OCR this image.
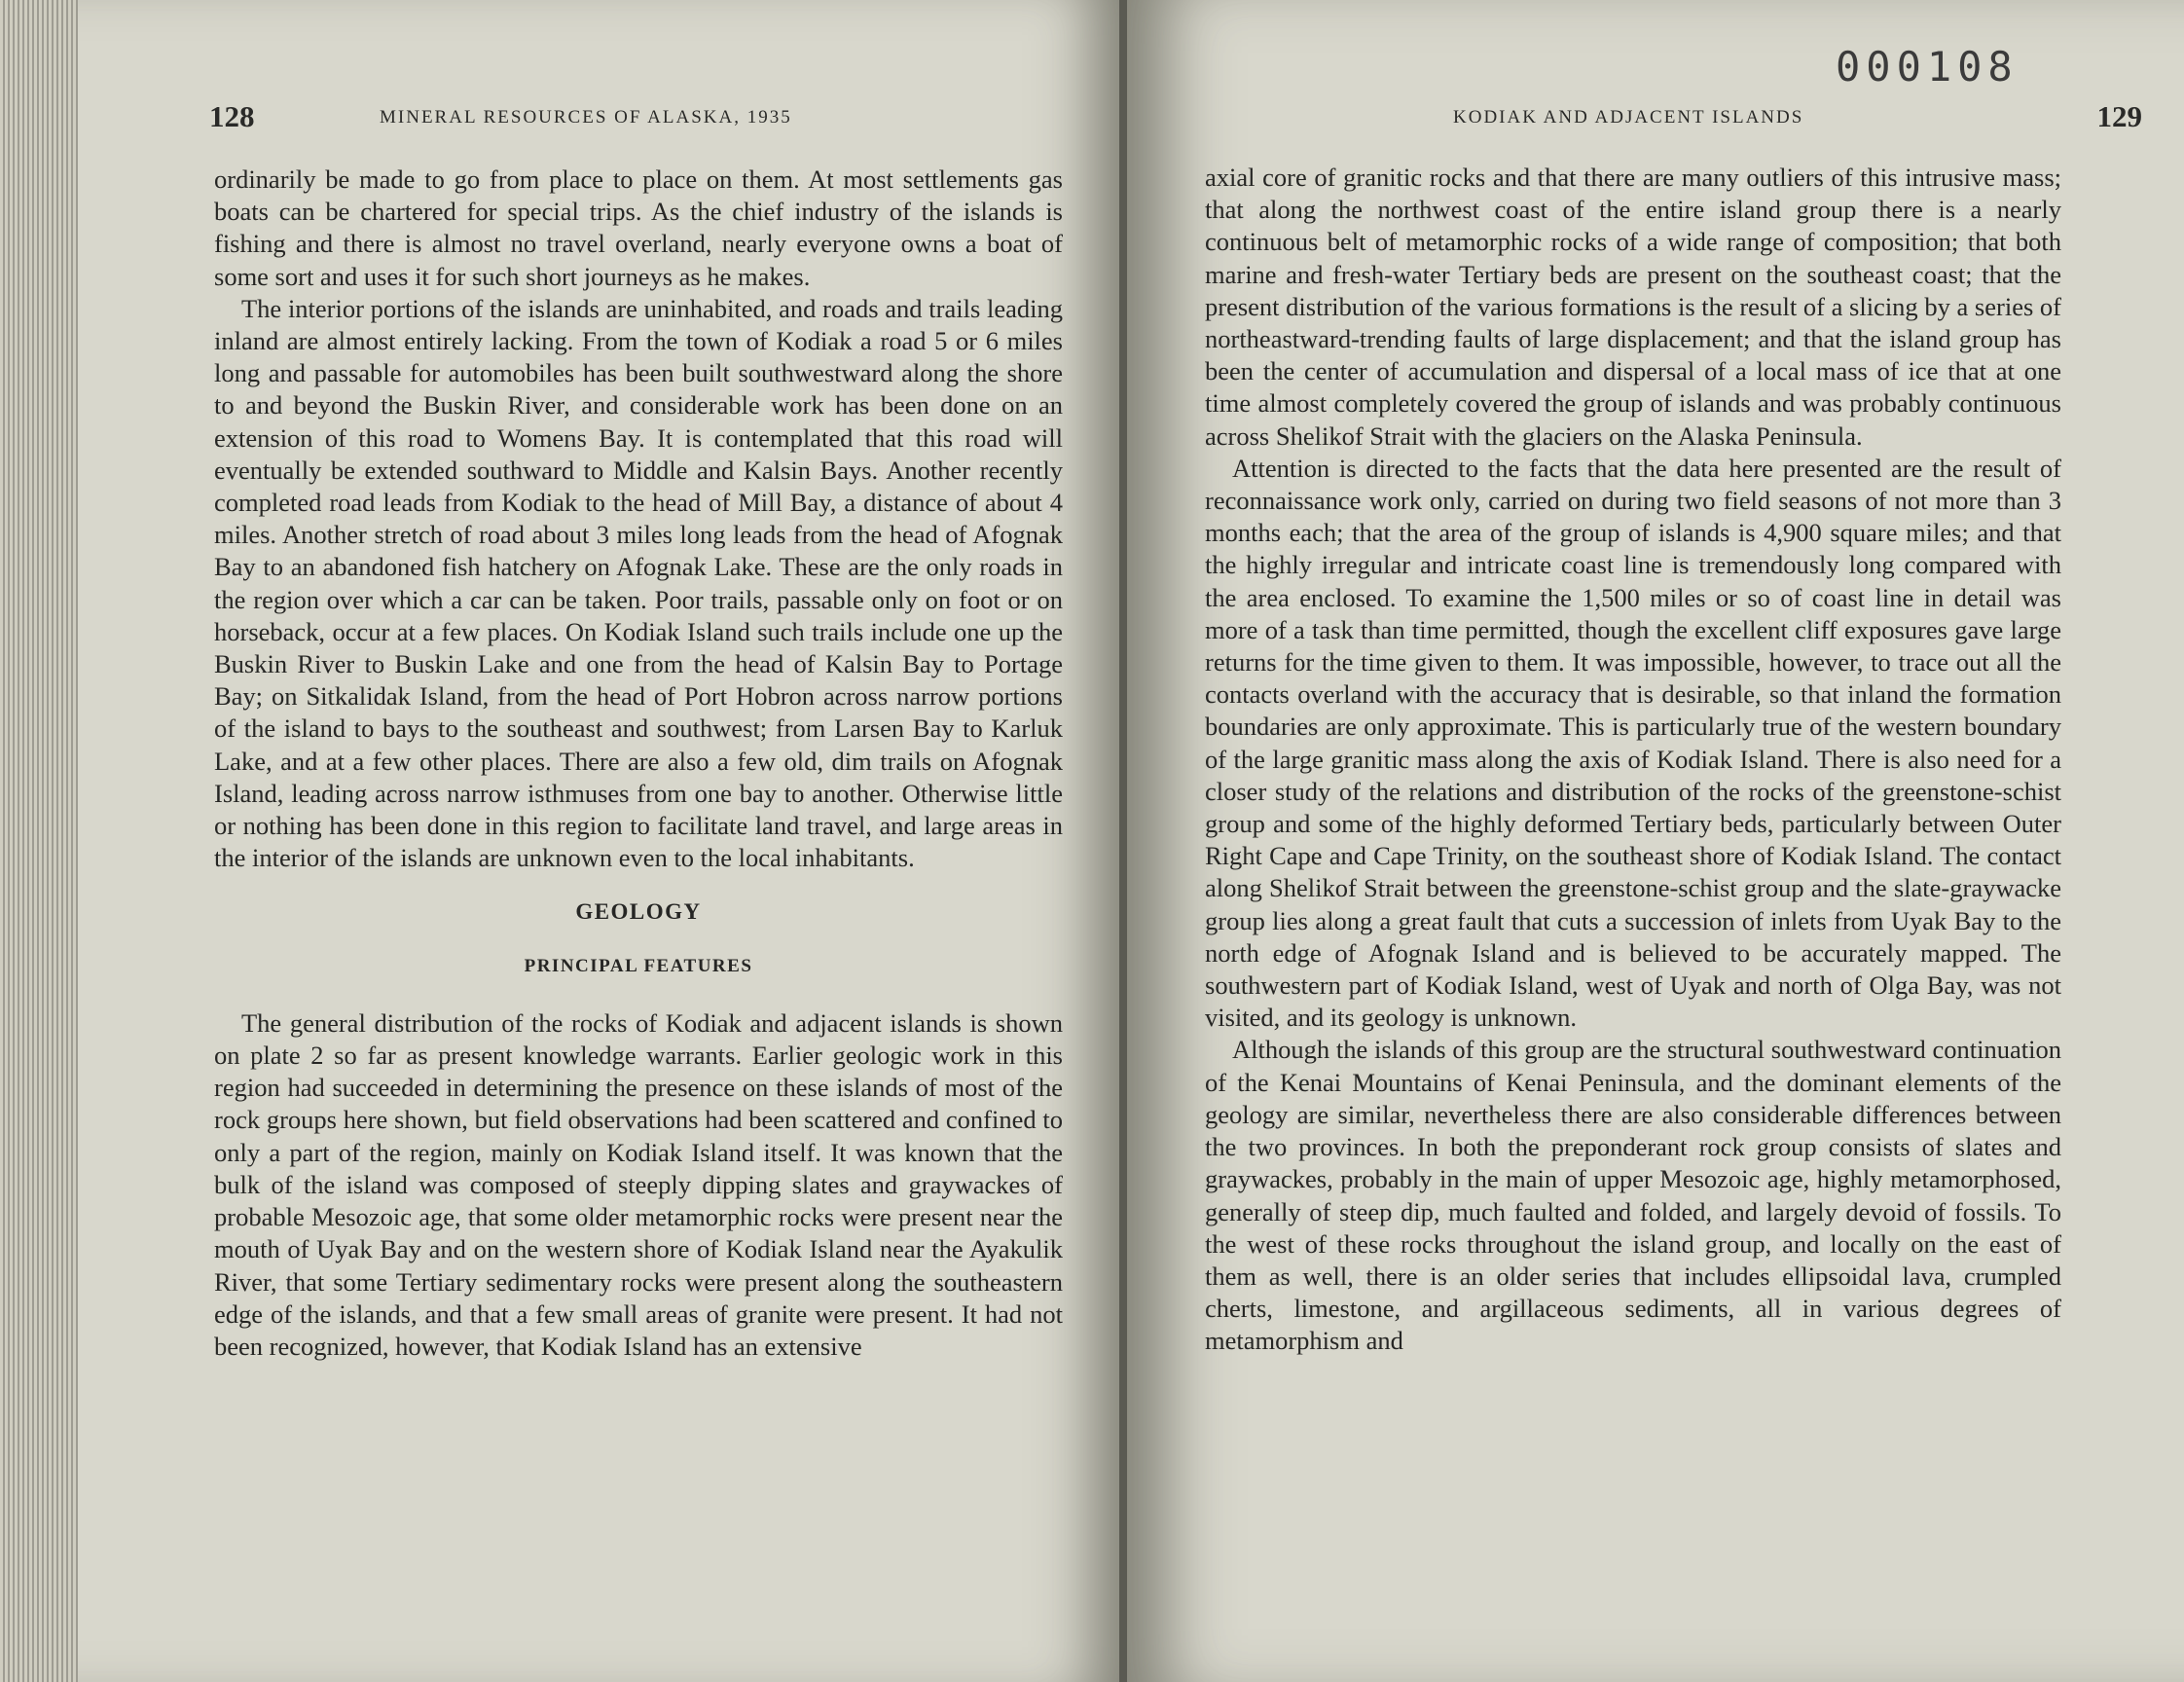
128	MINERAL RESOURCES OF ALASKA, 1935

ordinarily be made to go from place to place on them. At most settlements gas boats can be chartered for special trips. As the chief industry of the islands is fishing and there is almost no travel overland, nearly everyone owns a boat of some sort and uses it for such short journeys as he makes.

The interior portions of the islands are uninhabited, and roads and trails leading inland are almost entirely lacking. From the town of Kodiak a road 5 or 6 miles long and passable for automobiles has been built southwestward along the shore to and beyond the Buskin River, and considerable work has been done on an extension of this road to Womens Bay. It is contemplated that this road will eventually be extended southward to Middle and Kalsin Bays. Another recently completed road leads from Kodiak to the head of Mill Bay, a distance of about 4 miles. Another stretch of road about 3 miles long leads from the head of Afognak Bay to an abandoned fish hatchery on Afognak Lake. These are the only roads in the region over which a car can be taken. Poor trails, passable only on foot or on horseback, occur at a few places. On Kodiak Island such trails include one up the Buskin River to Buskin Lake and one from the head of Kalsin Bay to Portage Bay; on Sitkalidak Island, from the head of Port Hobron across narrow portions of the island to bays to the southeast and southwest; from Larsen Bay to Karluk Lake, and at a few other places. There are also a few old, dim trails on Afognak Island, leading across narrow isthmuses from one bay to another. Otherwise little or nothing has been done in this region to facilitate land travel, and large areas in the interior of the islands are unknown even to the local inhabitants.

GEOLOGY
PRINCIPAL FEATURES

The general distribution of the rocks of Kodiak and adjacent islands is shown on plate 2 so far as present knowledge warrants. Earlier geologic work in this region had succeeded in determining the presence on these islands of most of the rock groups here shown, but field observations had been scattered and confined to only a part of the region, mainly on Kodiak Island itself. It was known that the bulk of the island was composed of steeply dipping slates and graywackes of probable Mesozoic age, that some older metamorphic rocks were present near the mouth of Uyak Bay and on the western shore of Kodiak Island near the Ayakulik River, that some Tertiary sedimentary rocks were present along the southeastern edge of the islands, and that a few small areas of granite were present. It had not been recognized, however, that Kodiak Island has an extensive

000108
KODIAK AND ADJACENT ISLANDS	129

axial core of granitic rocks and that there are many outliers of this intrusive mass; that along the northwest coast of the entire island group there is a nearly continuous belt of metamorphic rocks of a wide range of composition; that both marine and fresh-water Tertiary beds are present on the southeast coast; that the present distribution of the various formations is the result of a slicing by a series of northeastward-trending faults of large displacement; and that the island group has been the center of accumulation and dispersal of a local mass of ice that at one time almost completely covered the group of islands and was probably continuous across Shelikof Strait with the glaciers on the Alaska Peninsula.

Attention is directed to the facts that the data here presented are the result of reconnaissance work only, carried on during two field seasons of not more than 3 months each; that the area of the group of islands is 4,900 square miles; and that the highly irregular and intricate coast line is tremendously long compared with the area enclosed. To examine the 1,500 miles or so of coast line in detail was more of a task than time permitted, though the excellent cliff exposures gave large returns for the time given to them. It was impossible, however, to trace out all the contacts overland with the accuracy that is desirable, so that inland the formation boundaries are only approximate. This is particularly true of the western boundary of the large granitic mass along the axis of Kodiak Island. There is also need for a closer study of the relations and distribution of the rocks of the greenstone-schist group and some of the highly deformed Tertiary beds, particularly between Outer Right Cape and Cape Trinity, on the southeast shore of Kodiak Island. The contact along Shelikof Strait between the greenstone-schist group and the slate-graywacke group lies along a great fault that cuts a succession of inlets from Uyak Bay to the north edge of Afognak Island and is believed to be accurately mapped. The southwestern part of Kodiak Island, west of Uyak and north of Olga Bay, was not visited, and its geology is unknown.

Although the islands of this group are the structural southwestward continuation of the Kenai Mountains of Kenai Peninsula, and the dominant elements of the geology are similar, nevertheless there are also considerable differences between the two provinces. In both the preponderant rock group consists of slates and graywackes, probably in the main of upper Mesozoic age, highly metamorphosed, generally of steep dip, much faulted and folded, and largely devoid of fossils. To the west of these rocks throughout the island group, and locally on the east of them as well, there is an older series that includes ellipsoidal lava, crumpled cherts, limestone, and argillaceous sediments, all in various degrees of metamorphism and
